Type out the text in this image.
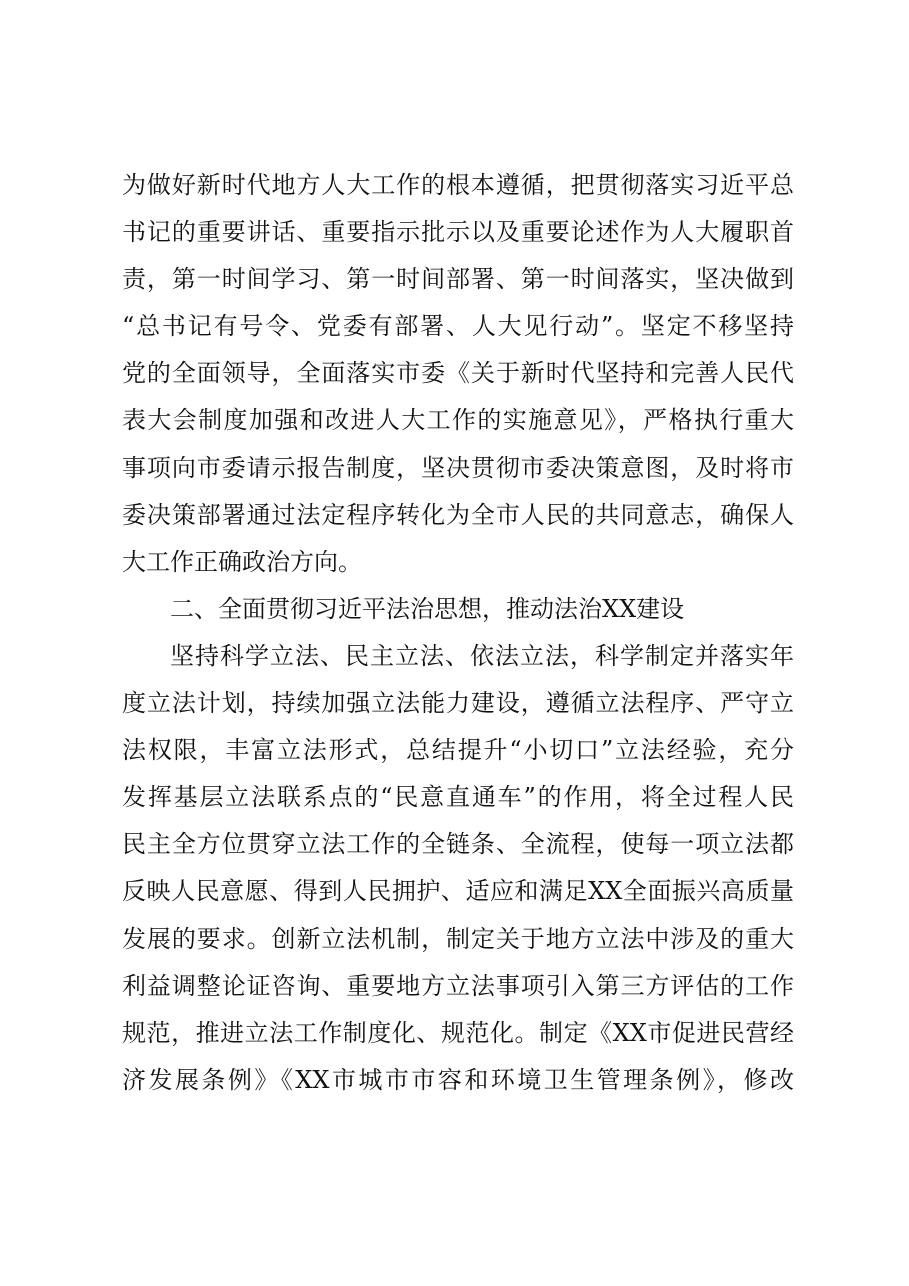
为做好新时代地方人大工作的根本遵循，把贯彻落实习近平总
书记的重要讲话、重要指示批示以及重要论述作为人大履职首
责，第一时间学习、第一时间部署、第一时间落实，坚决做到
“总书记有号令、党委有部署、人大见行动”。坚定不移坚持
党的全面领导，全面落实市委《关于新时代坚持和完善人民代
表大会制度加强和改进人大工作的实施意见》，严格执行重大
事项向市委请示报告制度，坚决贯彻市委决策意图，及时将市
委决策部署通过法定程序转化为全市人民的共同意志，确保人
大工作正确政治方向。
二、全面贯彻习近平法治思想，推动法治XX建设
坚持科学立法、民主立法、依法立法，科学制定并落实年
度立法计划，持续加强立法能力建设，遵循立法程序、严守立
法权限，丰富立法形式，总结提升“小切口”立法经验，充分
发挥基层立法联系点的“民意直通车”的作用，将全过程人民
民主全方位贯穿立法工作的全链条、全流程，使每一项立法都
反映人民意愿、得到人民拥护、适应和满足XX全面振兴高质量
发展的要求。创新立法机制，制定关于地方立法中涉及的重大
利益调整论证咨询、重要地方立法事项引入第三方评估的工作
规范，推进立法工作制度化、规范化。制定《XX市促进民营经
济发展条例》《XX市城市市容和环境卫生管理条例》，修改
